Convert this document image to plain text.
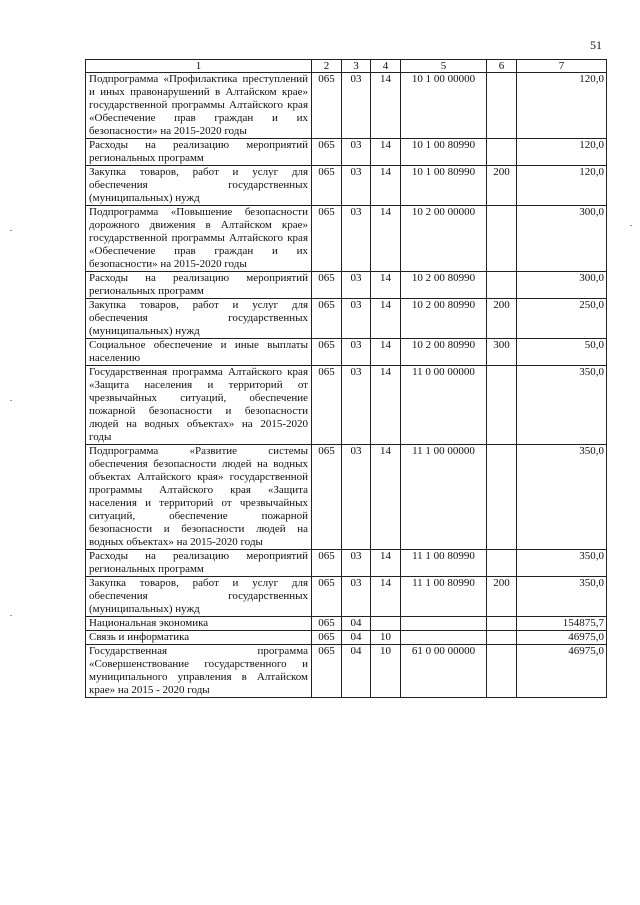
51
1	2	3	4	5	6	7
Подпрограмма «Профилактика преступлений и иных правонарушений в Алтайском крае» государственной программы Алтайского края «Обеспечение прав граждан и их безопасности» на 2015-2020 годы	065	03	14	10 1 00 00000		120,0
Расходы на реализацию мероприятий региональных программ	065	03	14	10 1 00 80990		120,0
Закупка товаров, работ и услуг для обеспечения государственных (муниципальных) нужд	065	03	14	10 1 00 80990	200	120,0
Подпрограмма «Повышение безопасности дорожного движения в Алтайском крае» государственной программы Алтайского края «Обеспечение прав граждан и их безопасности» на 2015-2020 годы	065	03	14	10 2 00 00000		300,0
Расходы на реализацию мероприятий региональных программ	065	03	14	10 2 00 80990		300,0
Закупка товаров, работ и услуг для обеспечения государственных (муниципальных) нужд	065	03	14	10 2 00 80990	200	250,0
Социальное обеспечение и иные выплаты населению	065	03	14	10 2 00 80990	300	50,0
Государственная программа Алтайского края «Защита населения и территорий от чрезвычайных ситуаций, обеспечение пожарной безопасности и безопасности людей на водных объектах» на 2015-2020 годы	065	03	14	11 0 00 00000		350,0
Подпрограмма «Развитие системы обеспечения безопасности людей на водных объектах Алтайского края» государственной программы Алтайского края «Защита населения и территорий от чрезвычайных ситуаций, обеспечение пожарной безопасности и безопасности людей на водных объектах» на 2015-2020 годы	065	03	14	11 1 00 00000		350,0
Расходы на реализацию мероприятий региональных программ	065	03	14	11 1 00 80990		350,0
Закупка товаров, работ и услуг для обеспечения государственных (муниципальных) нужд	065	03	14	11 1 00 80990	200	350,0
Национальная экономика	065	04				154875,7
Связь и информатика	065	04	10			46975,0
Государственная программа «Совершенствование государственного и муниципального управления в Алтайском крае» на 2015 - 2020 годы	065	04	10	61 0 00 00000		46975,0
